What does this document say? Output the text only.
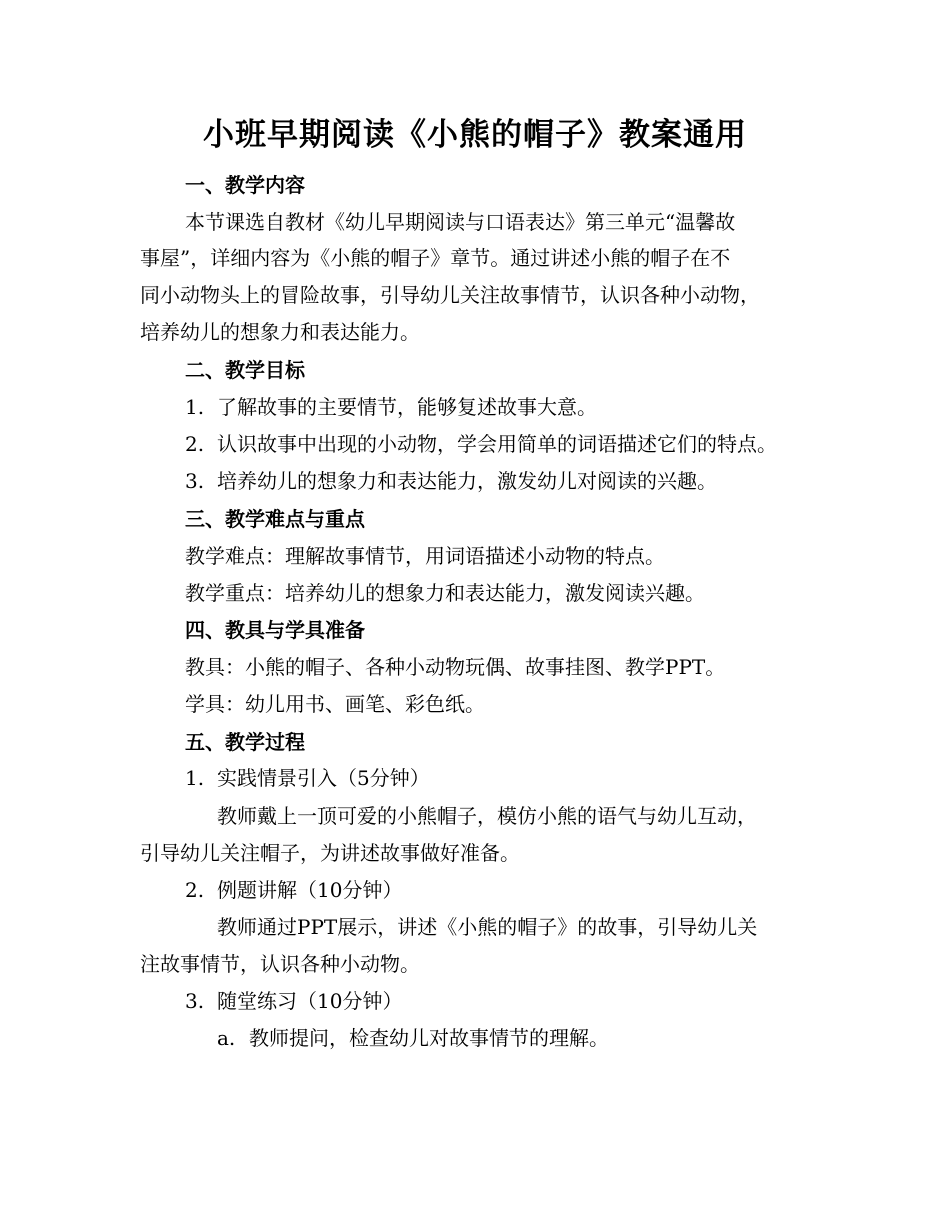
小班早期阅读《小熊的帽子》教案通用
一、教学内容
本节课选自教材《幼儿早期阅读与口语表达》第三单元“温馨故
事屋”，详细内容为《小熊的帽子》章节。通过讲述小熊的帽子在不
同小动物头上的冒险故事，引导幼儿关注故事情节，认识各种小动物，
培养幼儿的想象力和表达能力。
二、教学目标
1. 了解故事的主要情节，能够复述故事大意。
2. 认识故事中出现的小动物，学会用简单的词语描述它们的特点。
3. 培养幼儿的想象力和表达能力，激发幼儿对阅读的兴趣。
三、教学难点与重点
教学难点：理解故事情节，用词语描述小动物的特点。
教学重点：培养幼儿的想象力和表达能力，激发阅读兴趣。
四、教具与学具准备
教具：小熊的帽子、各种小动物玩偶、故事挂图、教学PPT。
学具：幼儿用书、画笔、彩色纸。
五、教学过程
1. 实践情景引入（5分钟）
教师戴上一顶可爱的小熊帽子，模仿小熊的语气与幼儿互动，
引导幼儿关注帽子，为讲述故事做好准备。
2. 例题讲解（10分钟）
教师通过PPT展示，讲述《小熊的帽子》的故事，引导幼儿关
注故事情节，认识各种小动物。
3. 随堂练习（10分钟）
a. 教师提问，检查幼儿对故事情节的理解。
